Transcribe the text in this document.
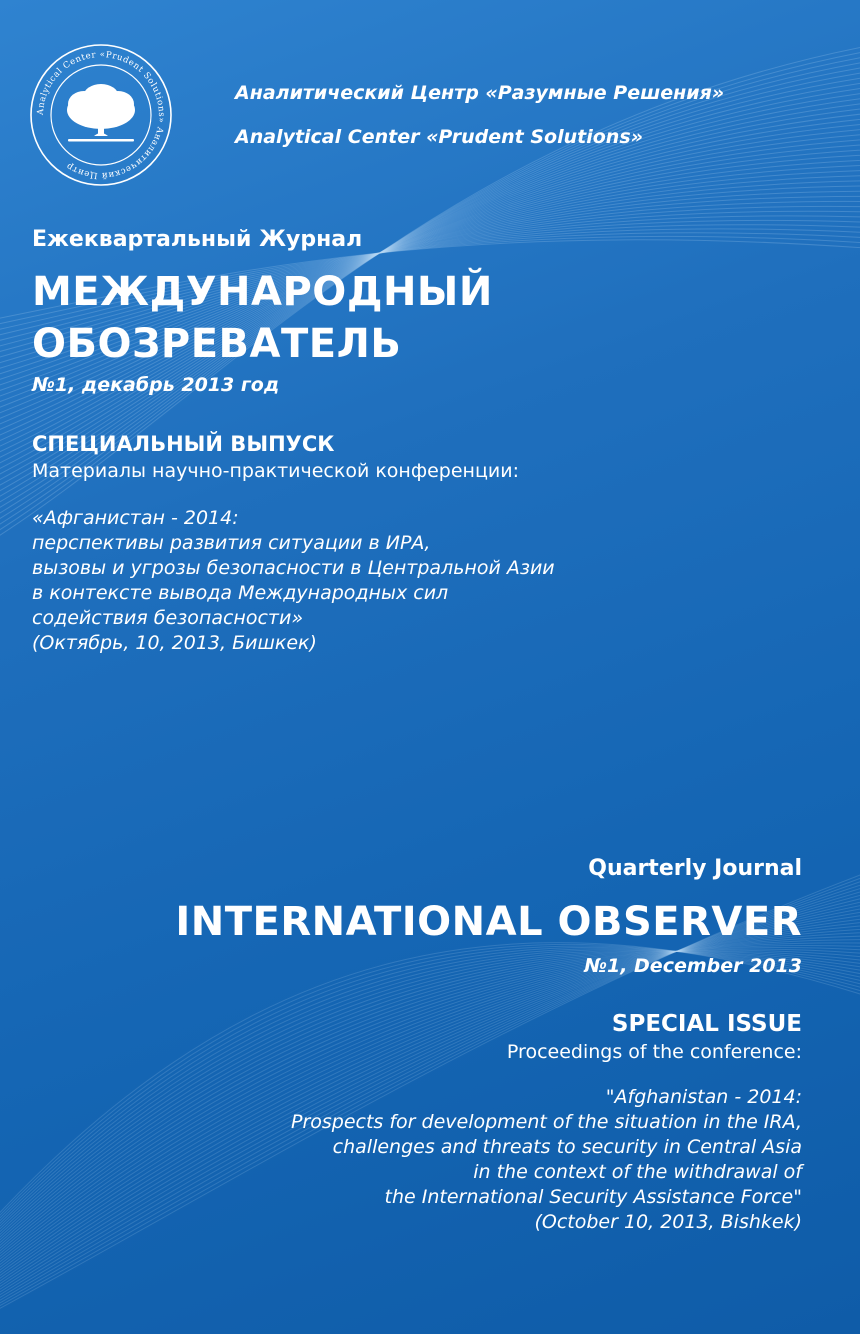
Analytical Center «Prudent Solutions» Аналитический Центр
Аналитический Центр «Разумные Решения»
Analytical Center «Prudent Solutions»

Ежеквартальный Журнал

МЕЖДУНАРОДНЫЙ
ОБОЗРЕВАТЕЛЬ

№1, декабрь 2013 год

СПЕЦИАЛЬНЫЙ ВЫПУСК

Материалы научно-практической конференции:

«Афганистан - 2014:
перспективы развития ситуации в ИРА,
вызовы и угрозы безопасности в Центральной Азии
в контексте вывода Международных сил
содействия безопасности»
(Октябрь, 10, 2013, Бишкек)

Quarterly Journal

INTERNATIONAL OBSERVER

№1, December 2013

SPECIAL ISSUE

Proceedings of the conference:

"Afghanistan - 2014:
Prospects for development of the situation in the IRA,
challenges and threats to security in Central Asia
in the context of the withdrawal of
the International Security Assistance Force"
(October 10, 2013, Bishkek)
